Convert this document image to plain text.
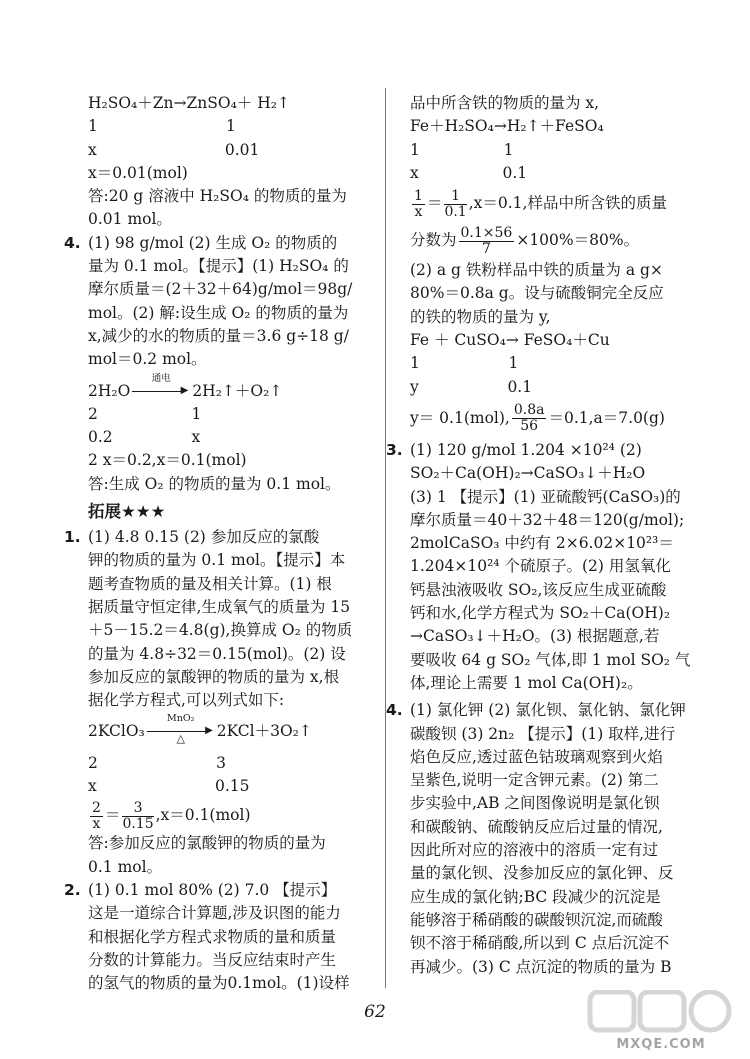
H₂SO₄＋Zn→ZnSO₄＋ H₂↑
1                          1
x                          0.01
x＝0.01(mol)
答:20 g 溶液中 H₂SO₄ 的物质的量为
0.01 mol。
4. (1) 98 g/mol (2) 生成 O₂ 的物质的
量为 0.1 mol。【提示】(1) H₂SO₄ 的
摩尔质量＝(2＋32＋64)g/mol＝98g/
mol。(2) 解:设生成 O₂ 的物质的量为
x,减少的水的物质的量＝3.6 g÷18 g/
mol＝0.2 mol。
2H₂O
通电
▶ 2H₂↑＋O₂↑
2                   1
0.2                x
2 x＝0.2,x＝0.1(mol)
答:生成 O₂ 的物质的量为 0.1 mol。
拓展★★★
1. (1) 4.8 0.15 (2) 参加反应的氯酸
钾的物质的量为 0.1 mol。【提示】本
题考查物质的量及相关计算。(1) 根
据质量守恒定律,生成氧气的质量为 15
＋5－15.2＝4.8(g),换算成 O₂ 的物质
的量为 4.8÷32＝0.15(mol)。(2) 设
参加反应的氯酸钾的物质的量为 x,根
据化学方程式,可以列式如下:
2KClO₃
MnO₂
▶
△	2KCl＋3O₂↑
2                        3
x                        0.15
$\frac{2}{x} = \frac{3}{0.15} ,x=0.1(mol)$
答:参加反应的氯酸钾的物质的量为
0.1 mol。
2. (1) 0.1 mol 80% (2) 7.0 【提示】
这是一道综合计算题,涉及识图的能力
和根据化学方程式求物质的量和质量
分数的计算能力。当反应结束时产生
的氢气的物质的量为0.1mol。(1)设样
品中所含铁的物质的量为 x,
Fe＋H₂SO₄→H₂↑＋FeSO₄
1                 1
x                 0.1
$\frac{1}{x} = \frac{1}{0.1} ,x=0.1$,样品中所含铁的质量
分数为 $\frac{0.1\times 56}{7} \times 100\%=80\%$。
(2) a g 铁粉样品中铁的质量为 a g×
80%＝0.8a g。设与硫酸铜完全反应
的铁的物质的量为 y,
Fe ＋ CuSO₄→ FeSO₄＋Cu
1                  1
y                  0.1
y＝ 0.1(mol), $\frac{0.8a}{56} =0.1,a=7.0(g)$
3. (1) 120 g/mol 1.204 ×10²⁴ (2)
SO₂＋Ca(OH)₂→CaSO₃↓＋H₂O
(3) 1 【提示】(1) 亚硫酸钙(CaSO₃)的
摩尔质量＝40＋32＋48＝120(g/mol);
2molCaSO₃ 中约有 2×6.02×10²³＝
1.204×10²⁴ 个硫原子。(2) 用氢氧化
钙悬浊液吸收 SO₂,该反应生成亚硫酸
钙和水,化学方程式为 SO₂＋Ca(OH)₂
→CaSO₃↓＋H₂O。(3) 根据题意,若
要吸收 64 g SO₂ 气体,即 1 mol SO₂ 气
体,理论上需要 1 mol Ca(OH)₂。
4. (1) 氯化钾 (2) 氯化钡、氯化钠、氯化钾
碳酸钡 (3) 2n₂ 【提示】(1) 取样,进行
焰色反应,透过蓝色钴玻璃观察到火焰
呈紫色,说明一定含钾元素。(2) 第二
步实验中,AB 之间图像说明是氯化钡
和碳酸钠、硫酸钠反应后过量的情况,
因此所对应的溶液中的溶质一定有过
量的氯化钡、没参加反应的氯化钾、反
应生成的氯化钠;BC 段减少的沉淀是
能够溶于稀硝酸的碳酸钡沉淀,而硫酸
钡不溶于稀硝酸,所以到 C 点后沉淀不
再减少。(3) C 点沉淀的物质的量为 B
62
MXQE.COM
